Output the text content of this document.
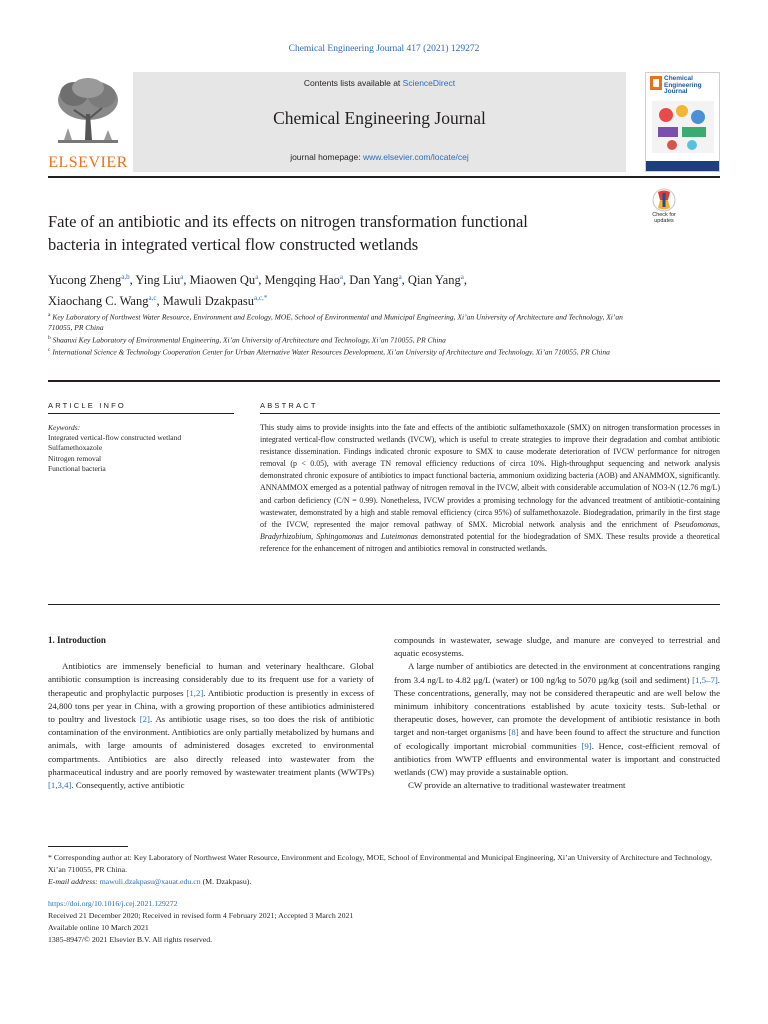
Chemical Engineering Journal 417 (2021) 129272
ELSEVIER
Contents lists available at ScienceDirect
Chemical Engineering Journal
journal homepage: www.elsevier.com/locate/cej
Chemical
Engineering
Journal
Check for
updates
Fate of an antibiotic and its effects on nitrogen transformation functional
bacteria in integrated vertical flow constructed wetlands
Yucong Zheng$^{a,b}$, Ying Liu$^a$, Miaowen Qu$^a$, Mengqing Hao$^a$, Dan Yang$^a$, Qian Yang$^a$,
Xiaochang C. Wang$^{a,c}$, Mawuli Dzakpasu$^{a,c,*}$
$^a$ Key Laboratory of Northwest Water Resource, Environment and Ecology, MOE, School of Environmental and Municipal Engineering, Xi’an University of Architecture and Technology, Xi’an 710055, PR China
$^b$ Shaanxi Key Laboratory of Environmental Engineering, Xi’an University of Architecture and Technology, Xi’an 710055, PR China
$^c$ International Science & Technology Cooperation Center for Urban Alternative Water Resources Development, Xi’an University of Architecture and Technology, Xi’an 710055, PR China
ARTICLE INFO	ABSTRACT
Keywords:
Integrated vertical-flow constructed wetland
Sulfamethoxazole
Nitrogen removal
Functional bacteria
This study aims to provide insights into the fate and effects of the antibiotic sulfamethoxazole (SMX) on nitrogen transformation processes in integrated vertical-flow constructed wetlands (IVCW), which is useful to create strategies to improve their degradation and combat antibiotic resistance dissemination. Findings indicated chronic exposure to SMX to cause moderate deterioration of IVCW performance for nitrogen removal (p < 0.05), with average TN removal efficiency reductions of circa 10%. High-throughput sequencing and network analysis demonstrated chronic exposure of antibiotics to impact functional bacteria, ammonium oxidizing bacteria (AOB) and ANAMMOX, significantly. ANNAMMOX emerged as a potential pathway of nitrogen removal in the IVCW, albeit with considerable accumulation of NO3-N (12.76 mg/L) and carbon deficiency (C/N = 0.99). Nonetheless, IVCW provides a promising technology for the advanced treatment of antibiotic-containing wastewater, demonstrated by a high and stable removal efficiency (circa 95%) of sulfamethoxazole. Biodegradation, primarily in the first stage of the IVCW, represented the major removal pathway of SMX. Microbial network analysis and the enrichment of Pseudomonas, Bradyrhizobium, Sphingomonas and Luteimonas demonstrated potential for the biodegradation of SMX. These results provide a theoretical reference for the enhancement of nitrogen and antibiotics removal in constructed wetlands.
1. Introduction

Antibiotics are immensely beneficial to human and veterinary healthcare. Global antibiotic consumption is increasing considerably due to its frequent use for a variety of therapeutic and prophylactic purposes [1,2]. Antibiotic production is presently in excess of 24,800 tons per year in China, with a growing proportion of these antibiotics administered to poultry and livestock [2]. As antibiotic usage rises, so too does the risk of antibiotic contamination of the environment. Antibiotics are only partially metabolized by humans and animals, with large amounts of administered dosages excreted to environmental compartments. Antibiotics are also directly released into wastewater from the pharmaceutical industry and are poorly removed by wastewater treatment plants (WWTPs) [1,3,4]. Consequently, active antibiotic

compounds in wastewater, sewage sludge, and manure are conveyed to terrestrial and aquatic ecosystems.

A large number of antibiotics are detected in the environment at concentrations ranging from 3.4 ng/L to 4.82 μg/L (water) or 100 ng/kg to 5070 μg/kg (soil and sediment) [1,5–7]. These concentrations, generally, may not be considered therapeutic and are well below the minimum inhibitory concentrations established by acute toxicity tests. Sub-lethal or therapeutic doses, however, can promote the development of antibiotic resistance in both target and non-target organisms [8] and have been found to affect the structure and function of ecologically important microbial communities [9]. Hence, cost-efficient removal of antibiotics from WWTP effluents and environmental water is important and constructed wetlands (CW) may provide a sustainable option.

CW provide an alternative to traditional wastewater treatment

* Corresponding author at: Key Laboratory of Northwest Water Resource, Environment and Ecology, MOE, School of Environmental and Municipal Engineering, Xi’an University of Architecture and Technology, Xi’an 710055, PR China.
E-mail address: mawuli.dzakpasu@xauat.edu.cn (M. Dzakpasu).
https://doi.org/10.1016/j.cej.2021.129272
Received 21 December 2020; Received in revised form 4 February 2021; Accepted 3 March 2021
Available online 10 March 2021
1385-8947/© 2021 Elsevier B.V. All rights reserved.
